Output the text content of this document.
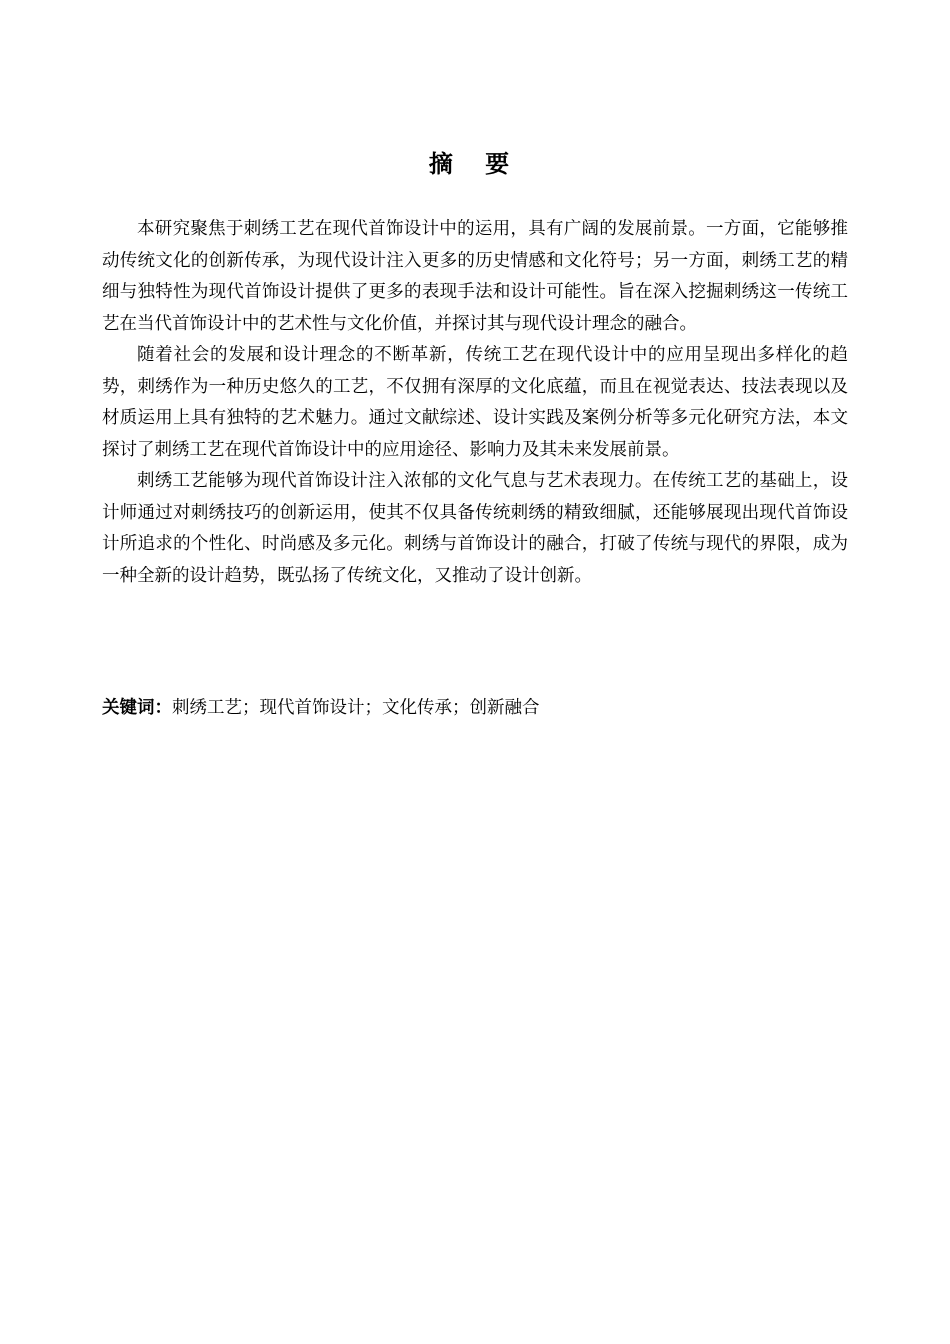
摘 要

本研究聚焦于刺绣工艺在现代首饰设计中的运用，具有广阔的发展前景。一方面，它能够推动传统文化的创新传承，为现代设计注入更多的历史情感和文化符号；另一方面，刺绣工艺的精细与独特性为现代首饰设计提供了更多的表现手法和设计可能性。旨在深入挖掘刺绣这一传统工艺在当代首饰设计中的艺术性与文化价值，并探讨其与现代设计理念的融合。

随着社会的发展和设计理念的不断革新，传统工艺在现代设计中的应用呈现出多样化的趋势，刺绣作为一种历史悠久的工艺，不仅拥有深厚的文化底蕴，而且在视觉表达、技法表现以及材质运用上具有独特的艺术魅力。通过文献综述、设计实践及案例分析等多元化研究方法，本文探讨了刺绣工艺在现代首饰设计中的应用途径、影响力及其未来发展前景。

刺绣工艺能够为现代首饰设计注入浓郁的文化气息与艺术表现力。在传统工艺的基础上，设计师通过对刺绣技巧的创新运用，使其不仅具备传统刺绣的精致细腻，还能够展现出现代首饰设计所追求的个性化、时尚感及多元化。刺绣与首饰设计的融合，打破了传统与现代的界限，成为一种全新的设计趋势，既弘扬了传统文化，又推动了设计创新。

关键词：刺绣工艺；现代首饰设计；文化传承；创新融合
